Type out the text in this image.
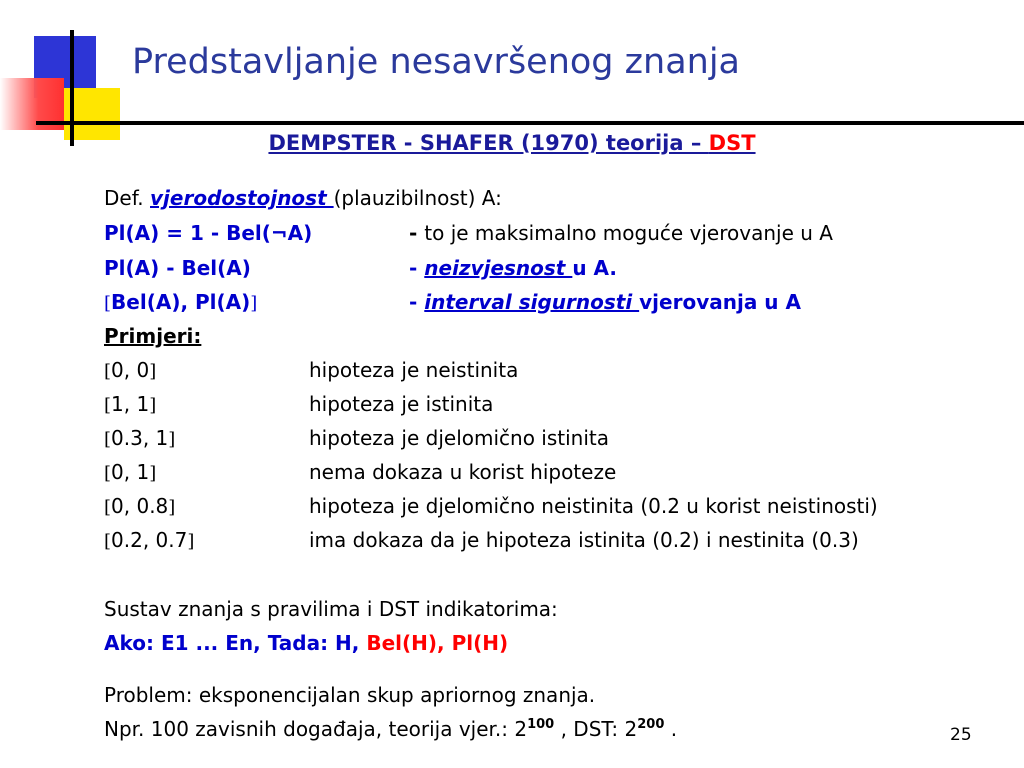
Predstavljanje nesavršenog znanja
DEMPSTER - SHAFER (1970) teorija – DST
Def. vjerodostojnost (plauzibilnost) A:
Pl(A) = 1 - Bel(¬A)	- to je maksimalno moguće vjerovanje u A
Pl(A) - Bel(A)	- neizvjesnost u A.
[Bel(A), Pl(A)]	- interval sigurnosti vjerovanja u A
Primjeri:
[0, 0]	hipoteza je neistinita
[1, 1]	hipoteza je istinita
[0.3, 1]	hipoteza je djelomično istinita
[0, 1]	nema dokaza u korist hipoteze
[0, 0.8]	hipoteza je djelomično neistinita (0.2 u korist neistinosti)
[0.2, 0.7]	ima dokaza da je hipoteza istinita (0.2) i nestinita (0.3)
Sustav znanja s pravilima i DST indikatorima:
Ako: E1 ... En, Tada: H, Bel(H), Pl(H)
Problem: eksponencijalan skup apriornog znanja.
Npr. 100 zavisnih događaja, teorija vjer.: $2^{100}$ , DST: $2^{200}$ .	25
